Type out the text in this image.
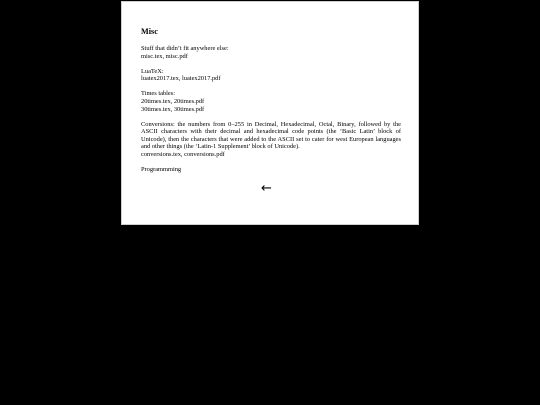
Misc
Stuff that didn’t fit anywhere else:
misc.tex, misc.pdf
LuaTeX:
luatex2017.tex, luatex2017.pdf
Times tables:
20times.tex, 20times.pdf
30times.tex, 30times.pdf
Conversions: the numbers from 0–255 in Decimal, Hexadecimal, Octal, Binary, followed by the ASCII characters with their decimal and hexadecimal code points (the ‘Basic Latin’ block of Unicode), then the characters that were added to the ASCII set to cater for west European languages and other things (the ‘Latin-1 Supplement’ block of Unicode).
conversions.tex, conversions.pdf
Programmming
←
